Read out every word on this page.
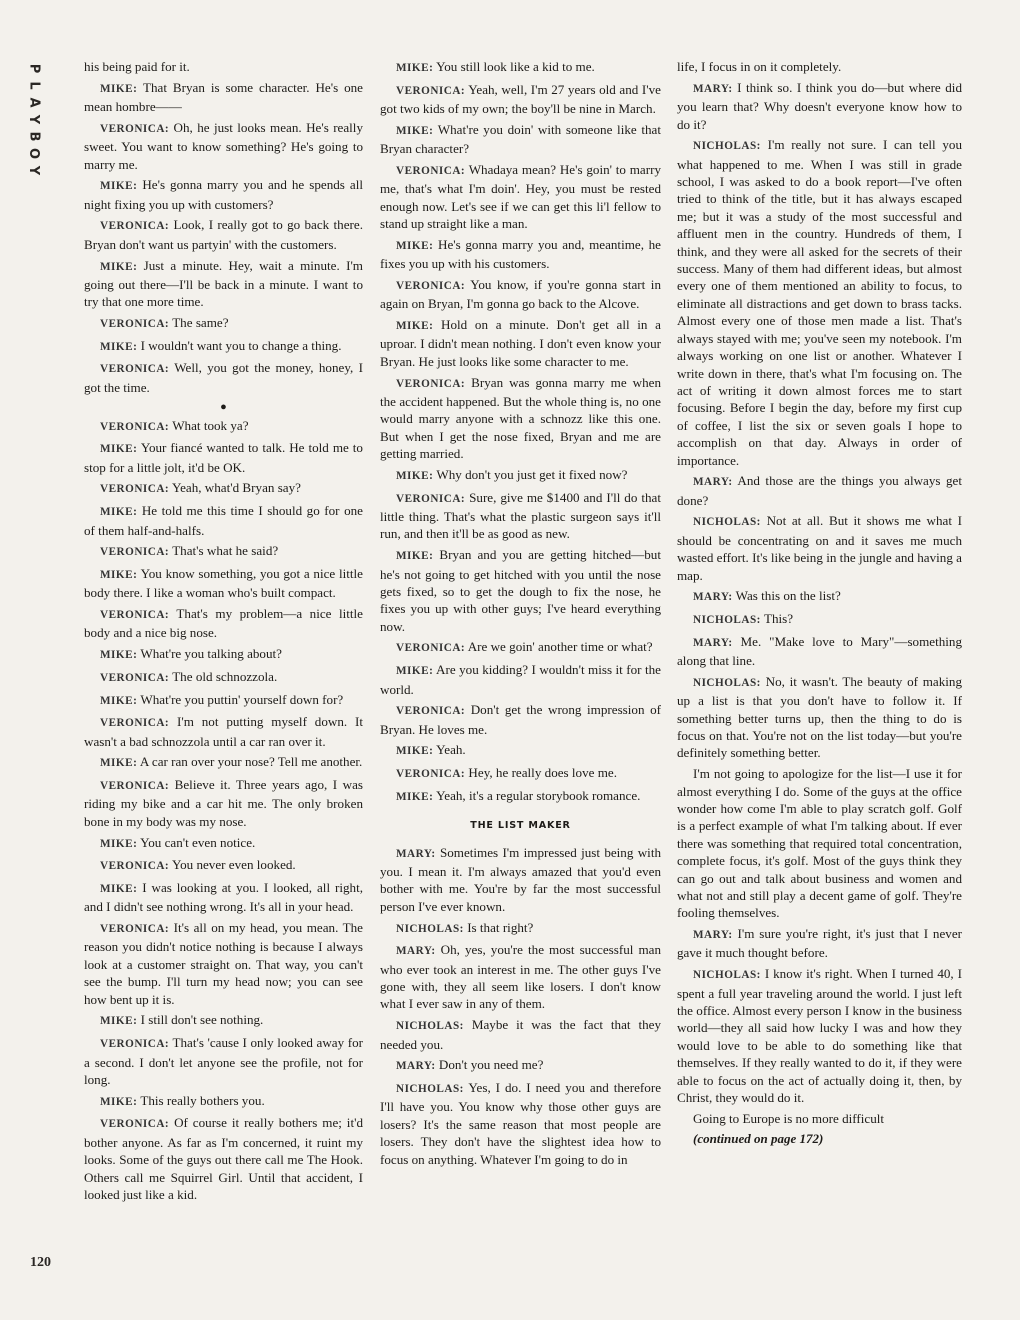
P
L
A
Y
B
O
Y

his being paid for it.

MIKE: That Bryan is some character. He's one mean hombre——

VERONICA: Oh, he just looks mean. He's really sweet. You want to know something? He's going to marry me.

MIKE: He's gonna marry you and he spends all night fixing you up with customers?

VERONICA: Look, I really got to go back there. Bryan don't want us partyin' with the customers.

MIKE: Just a minute. Hey, wait a minute. I'm going out there—I'll be back in a minute. I want to try that one more time.

VERONICA: The same?

MIKE: I wouldn't want you to change a thing.

VERONICA: Well, you got the money, honey, I got the time.

●

VERONICA: What took ya?

MIKE: Your fiancé wanted to talk. He told me to stop for a little jolt, it'd be OK.

VERONICA: Yeah, what'd Bryan say?

MIKE: He told me this time I should go for one of them half-and-halfs.

VERONICA: That's what he said?

MIKE: You know something, you got a nice little body there. I like a woman who's built compact.

VERONICA: That's my problem—a nice little body and a nice big nose.

MIKE: What're you talking about?

VERONICA: The old schnozzola.

MIKE: What're you puttin' yourself down for?

VERONICA: I'm not putting myself down. It wasn't a bad schnozzola until a car ran over it.

MIKE: A car ran over your nose? Tell me another.

VERONICA: Believe it. Three years ago, I was riding my bike and a car hit me. The only broken bone in my body was my nose.

MIKE: You can't even notice.

VERONICA: You never even looked.

MIKE: I was looking at you. I looked, all right, and I didn't see nothing wrong. It's all in your head.

VERONICA: It's all on my head, you mean. The reason you didn't notice nothing is because I always look at a customer straight on. That way, you can't see the bump. I'll turn my head now; you can see how bent up it is.

MIKE: I still don't see nothing.

VERONICA: That's 'cause I only looked away for a second. I don't let anyone see the profile, not for long.

MIKE: This really bothers you.

VERONICA: Of course it really bothers me; it'd bother anyone. As far as I'm concerned, it ruint my looks. Some of the guys out there call me The Hook. Others call me Squirrel Girl. Until that accident, I looked just like a kid.

MIKE: You still look like a kid to me.

VERONICA: Yeah, well, I'm 27 years old and I've got two kids of my own; the boy'll be nine in March.

MIKE: What're you doin' with someone like that Bryan character?

VERONICA: Whadaya mean? He's goin' to marry me, that's what I'm doin'. Hey, you must be rested enough now. Let's see if we can get this li'l fellow to stand up straight like a man.

MIKE: He's gonna marry you and, meantime, he fixes you up with his customers.

VERONICA: You know, if you're gonna start in again on Bryan, I'm gonna go back to the Alcove.

MIKE: Hold on a minute. Don't get all in a uproar. I didn't mean nothing. I don't even know your Bryan. He just looks like some character to me.

VERONICA: Bryan was gonna marry me when the accident happened. But the whole thing is, no one would marry anyone with a schnozz like this one. But when I get the nose fixed, Bryan and me are getting married.

MIKE: Why don't you just get it fixed now?

VERONICA: Sure, give me $1400 and I'll do that little thing. That's what the plastic surgeon says it'll run, and then it'll be as good as new.

MIKE: Bryan and you are getting hitched—but he's not going to get hitched with you until the nose gets fixed, so to get the dough to fix the nose, he fixes you up with other guys; I've heard everything now.

VERONICA: Are we goin' another time or what?

MIKE: Are you kidding? I wouldn't miss it for the world.

VERONICA: Don't get the wrong impression of Bryan. He loves me.

MIKE: Yeah.

VERONICA: Hey, he really does love me.

MIKE: Yeah, it's a regular storybook romance.

THE LIST MAKER

MARY: Sometimes I'm impressed just being with you. I mean it. I'm always amazed that you'd even bother with me. You're by far the most successful person I've ever known.

NICHOLAS: Is that right?

MARY: Oh, yes, you're the most successful man who ever took an interest in me. The other guys I've gone with, they all seem like losers. I don't know what I ever saw in any of them.

NICHOLAS: Maybe it was the fact that they needed you.

MARY: Don't you need me?

NICHOLAS: Yes, I do. I need you and therefore I'll have you. You know why those other guys are losers? It's the same reason that most people are losers. They don't have the slightest idea how to focus on anything. Whatever I'm going to do in

life, I focus in on it completely.

MARY: I think so. I think you do—but where did you learn that? Why doesn't everyone know how to do it?

NICHOLAS: I'm really not sure. I can tell you what happened to me. When I was still in grade school, I was asked to do a book report—I've often tried to think of the title, but it has always escaped me; but it was a study of the most successful and affluent men in the country. Hundreds of them, I think, and they were all asked for the secrets of their success. Many of them had different ideas, but almost every one of them mentioned an ability to focus, to eliminate all distractions and get down to brass tacks. Almost every one of those men made a list. That's always stayed with me; you've seen my notebook. I'm always working on one list or another. Whatever I write down in there, that's what I'm focusing on. The act of writing it down almost forces me to start focusing. Before I begin the day, before my first cup of coffee, I list the six or seven goals I hope to accomplish on that day. Always in order of importance.

MARY: And those are the things you always get done?

NICHOLAS: Not at all. But it shows me what I should be concentrating on and it saves me much wasted effort. It's like being in the jungle and having a map.

MARY: Was this on the list?

NICHOLAS: This?

MARY: Me. "Make love to Mary"—something along that line.

NICHOLAS: No, it wasn't. The beauty of making up a list is that you don't have to follow it. If something better turns up, then the thing to do is focus on that. You're not on the list today—but you're definitely something better.

I'm not going to apologize for the list—I use it for almost everything I do. Some of the guys at the office wonder how come I'm able to play scratch golf. Golf is a perfect example of what I'm talking about. If ever there was something that required total concentration, complete focus, it's golf. Most of the guys think they can go out and talk about business and women and what not and still play a decent game of golf. They're fooling themselves.

MARY: I'm sure you're right, it's just that I never gave it much thought before.

NICHOLAS: I know it's right. When I turned 40, I spent a full year traveling around the world. I just left the office. Almost every person I know in the business world—they all said how lucky I was and how they would love to be able to do something like that themselves. If they really wanted to do it, if they were able to focus on the act of actually doing it, then, by Christ, they would do it.

Going to Europe is no more difficult

(continued on page 172)

120
